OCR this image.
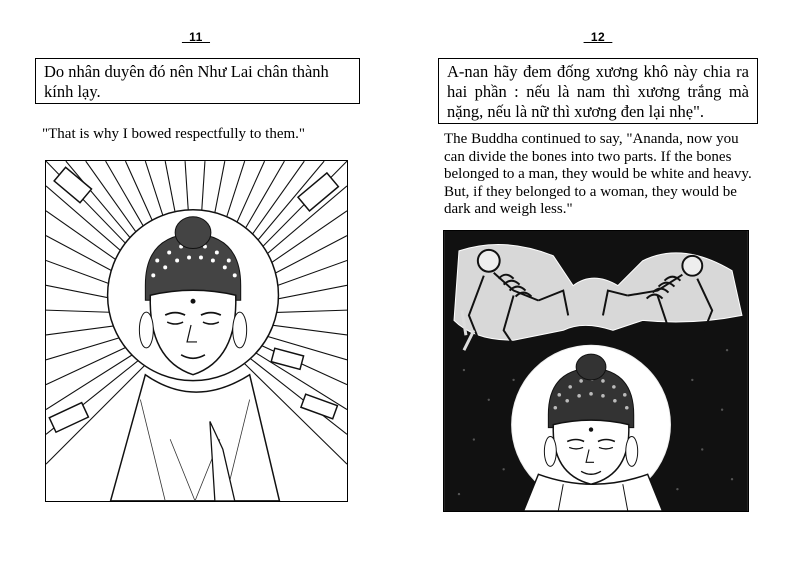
_11_
Do nhân duyên đó nên Như Lai chân thành kính lạy.
"That is why I bowed respectfully to them."
_12_
A-nan hãy đem đống xương khô này chia ra hai phần : nếu là nam thì xương trắng mà nặng, nếu là nữ thì xương đen lại nhẹ".
The Buddha continued to say, "Ananda, now you can divide the bones into two parts. If the bones belonged to a man, they would be white and heavy. But, if they belonged to a woman, they would be dark and weigh less."
